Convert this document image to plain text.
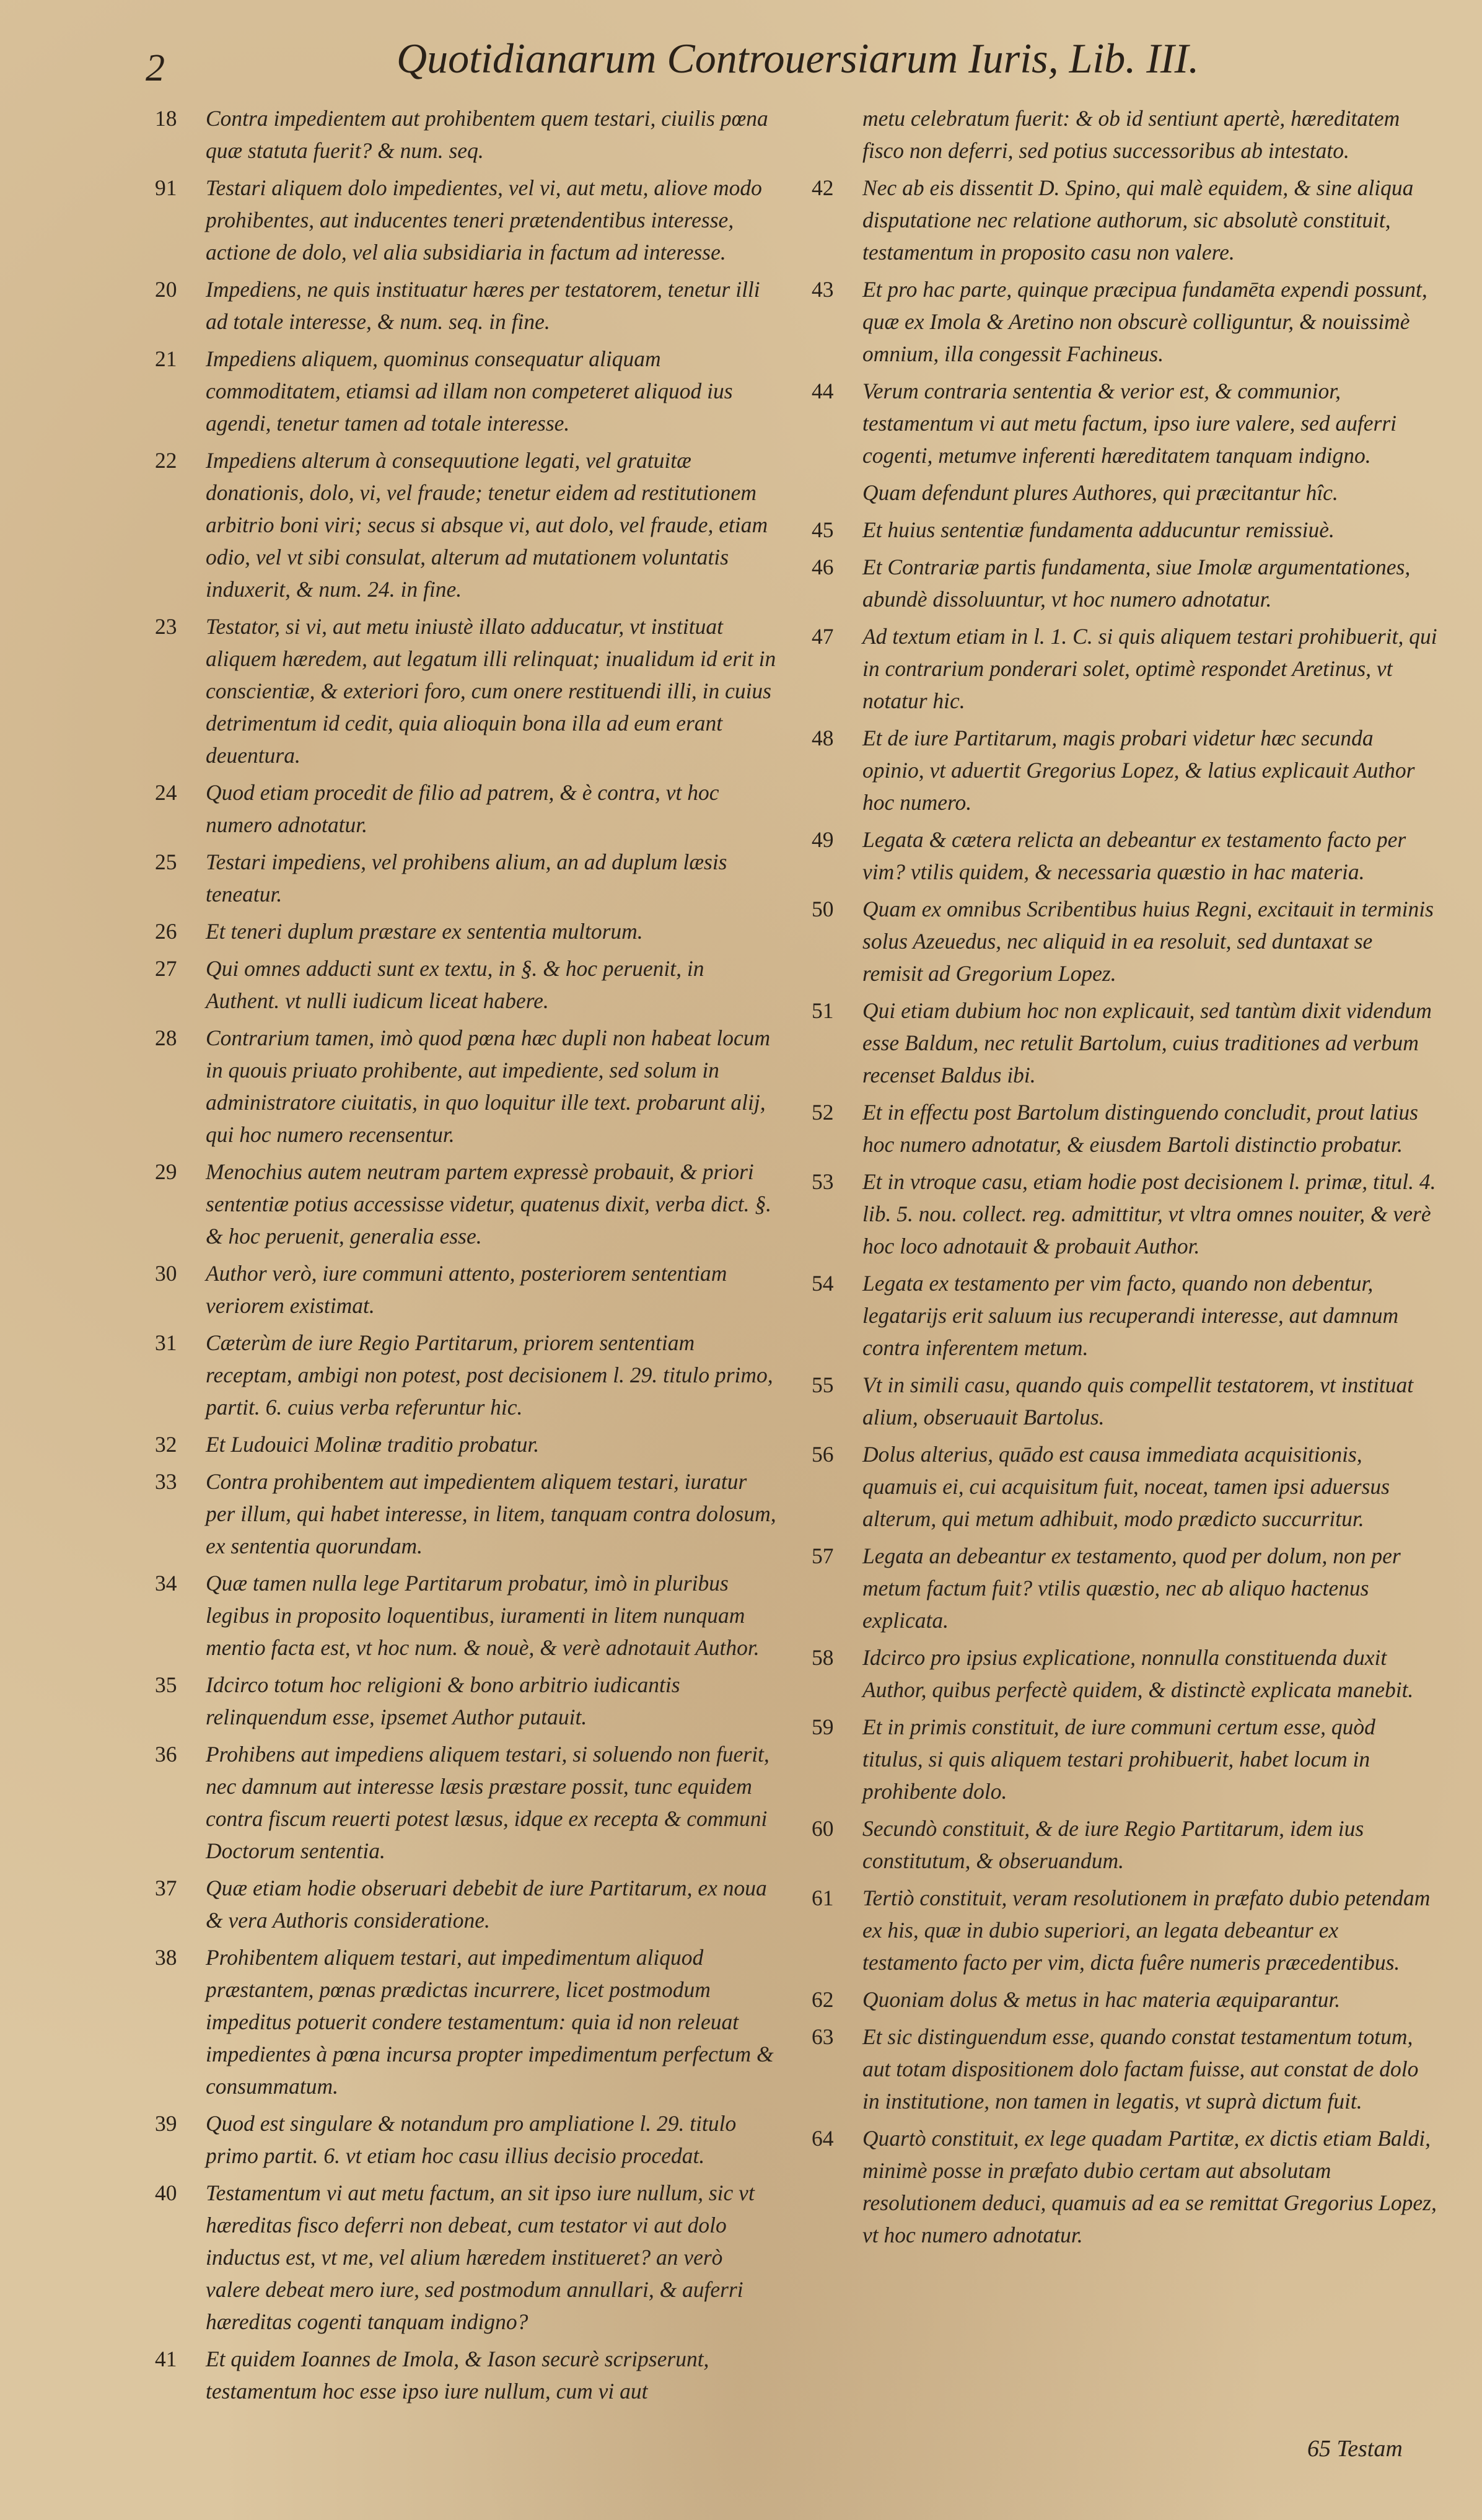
2	Quotidianarum Controuersiarum Iuris, Lib. III.
18	Contra impedientem aut prohibentem quem testari, ciuilis pœna quæ statuta fuerit? & num. seq.
91	Testari aliquem dolo impedientes, vel vi, aut metu, aliove modo prohibentes, aut inducentes teneri prætendentibus interesse, actione de dolo, vel alia subsidiaria in factum ad interesse.
20	Impediens, ne quis instituatur hæres per testatorem, tenetur illi ad totale interesse, & num. seq. in fine.
21	Impediens aliquem, quominus consequatur aliquam commoditatem, etiamsi ad illam non competeret aliquod ius agendi, tenetur tamen ad totale interesse.
22	Impediens alterum à consequutione legati, vel gratuitæ donationis, dolo, vi, vel fraude; tenetur eidem ad restitutionem arbitrio boni viri; secus si absque vi, aut dolo, vel fraude, etiam odio, vel vt sibi consulat, alterum ad mutationem voluntatis induxerit, & num. 24. in fine.
23	Testator, si vi, aut metu iniustè illato adducatur, vt instituat aliquem hæredem, aut legatum illi relinquat; inualidum id erit in conscientiæ, & exteriori foro, cum onere restituendi illi, in cuius detrimentum id cedit, quia alioquin bona illa ad eum erant deuentura.
24	Quod etiam procedit de filio ad patrem, & è contra, vt hoc numero adnotatur.
25	Testari impediens, vel prohibens alium, an ad duplum læsis teneatur.
26	Et teneri duplum præstare ex sententia multorum.
27	Qui omnes adducti sunt ex textu, in §. & hoc peruenit, in Authent. vt nulli iudicum liceat habere.
28	Contrarium tamen, imò quod pœna hæc dupli non habeat locum in quouis priuato prohibente, aut impediente, sed solum in administratore ciuitatis, in quo loquitur ille text. probarunt alij, qui hoc numero recensentur.
29	Menochius autem neutram partem expressè probauit, & priori sententiæ potius accessisse videtur, quatenus dixit, verba dict. §. & hoc peruenit, generalia esse.
30	Author verò, iure communi attento, posteriorem sententiam veriorem existimat.
31	Cæterùm de iure Regio Partitarum, priorem sententiam receptam, ambigi non potest, post decisionem l. 29. titulo primo, partit. 6. cuius verba referuntur hic.
32	Et Ludouici Molinæ traditio probatur.
33	Contra prohibentem aut impedientem aliquem testari, iuratur per illum, qui habet interesse, in litem, tanquam contra dolosum, ex sententia quorundam.
34	Quæ tamen nulla lege Partitarum probatur, imò in pluribus legibus in proposito loquentibus, iuramenti in litem nunquam mentio facta est, vt hoc num. & nouè, & verè adnotauit Author.
35	Idcirco totum hoc religioni & bono arbitrio iudicantis relinquendum esse, ipsemet Author putauit.
36	Prohibens aut impediens aliquem testari, si soluendo non fuerit, nec damnum aut interesse læsis præstare possit, tunc equidem contra fiscum reuerti potest læsus, idque ex recepta & communi Doctorum sententia.
37	Quæ etiam hodie obseruari debebit de iure Partitarum, ex noua & vera Authoris consideratione.
38	Prohibentem aliquem testari, aut impedimentum aliquod præstantem, pœnas prædictas incurrere, licet postmodum impeditus potuerit condere testamentum: quia id non releuat impedientes à pœna incursa propter impedimentum perfectum & consummatum.
39	Quod est singulare & notandum pro ampliatione l. 29. titulo primo partit. 6. vt etiam hoc casu illius decisio procedat.
40	Testamentum vi aut metu factum, an sit ipso iure nullum, sic vt hæreditas fisco deferri non debeat, cum testator vi aut dolo inductus est, vt me, vel alium hæredem institueret? an verò valere debeat mero iure, sed postmodum annullari, & auferri hæreditas cogenti tanquam indigno?
41	Et quidem Ioannes de Imola, & Iason securè scripserunt, testamentum hoc esse ipso iure nullum, cum vi aut
metu celebratum fuerit: & ob id sentiunt apertè, hæreditatem fisco non deferri, sed potius successoribus ab intestato.
42	Nec ab eis dissentit D. Spino, qui malè equidem, & sine aliqua disputatione nec relatione authorum, sic absolutè constituit, testamentum in proposito casu non valere.
43	Et pro hac parte, quinque præcipua fundamēta expendi possunt, quæ ex Imola & Aretino non obscurè colliguntur, & nouissimè omnium, illa congessit Fachineus.
44	Verum contraria sententia & verior est, & communior, testamentum vi aut metu factum, ipso iure valere, sed auferri cogenti, metumve inferenti hæreditatem tanquam indigno.
Quam defendunt plures Authores, qui præcitantur hîc.
45	Et huius sententiæ fundamenta adducuntur remissiuè.
46	Et Contrariæ partis fundamenta, siue Imolæ argumentationes, abundè dissoluuntur, vt hoc numero adnotatur.
47	Ad textum etiam in l. 1. C. si quis aliquem testari prohibuerit, qui in contrarium ponderari solet, optimè respondet Aretinus, vt notatur hic.
48	Et de iure Partitarum, magis probari videtur hæc secunda opinio, vt aduertit Gregorius Lopez, & latius explicauit Author hoc numero.
49	Legata & cætera relicta an debeantur ex testamento facto per vim? vtilis quidem, & necessaria quæstio in hac materia.
50	Quam ex omnibus Scribentibus huius Regni, excitauit in terminis solus Azeuedus, nec aliquid in ea resoluit, sed duntaxat se remisit ad Gregorium Lopez.
51	Qui etiam dubium hoc non explicauit, sed tantùm dixit videndum esse Baldum, nec retulit Bartolum, cuius traditiones ad verbum recenset Baldus ibi.
52	Et in effectu post Bartolum distinguendo concludit, prout latius hoc numero adnotatur, & eiusdem Bartoli distinctio probatur.
53	Et in vtroque casu, etiam hodie post decisionem l. primæ, titul. 4. lib. 5. nou. collect. reg. admittitur, vt vltra omnes nouiter, & verè hoc loco adnotauit & probauit Author.
54	Legata ex testamento per vim facto, quando non debentur, legatarijs erit saluum ius recuperandi interesse, aut damnum contra inferentem metum.
55	Vt in simili casu, quando quis compellit testatorem, vt instituat alium, obseruauit Bartolus.
56	Dolus alterius, quādo est causa immediata acquisitionis, quamuis ei, cui acquisitum fuit, noceat, tamen ipsi aduersus alterum, qui metum adhibuit, modo prædicto succurritur.
57	Legata an debeantur ex testamento, quod per dolum, non per metum factum fuit? vtilis quæstio, nec ab aliquo hactenus explicata.
58	Idcirco pro ipsius explicatione, nonnulla constituenda duxit Author, quibus perfectè quidem, & distinctè explicata manebit.
59	Et in primis constituit, de iure communi certum esse, quòd titulus, si quis aliquem testari prohibuerit, habet locum in prohibente dolo.
60	Secundò constituit, & de iure Regio Partitarum, idem ius constitutum, & obseruandum.
61	Tertiò constituit, veram resolutionem in præfato dubio petendam ex his, quæ in dubio superiori, an legata debeantur ex testamento facto per vim, dicta fuêre numeris præcedentibus.
62	Quoniam dolus & metus in hac materia æquiparantur.
63	Et sic distinguendum esse, quando constat testamentum totum, aut totam dispositionem dolo factam fuisse, aut constat de dolo in institutione, non tamen in legatis, vt suprà dictum fuit.
64	Quartò constituit, ex lege quadam Partitæ, ex dictis etiam Baldi, minimè posse in præfato dubio certam aut absolutam resolutionem deduci, quamuis ad ea se remittat Gregorius Lopez, vt hoc numero adnotatur.
65 Testam
